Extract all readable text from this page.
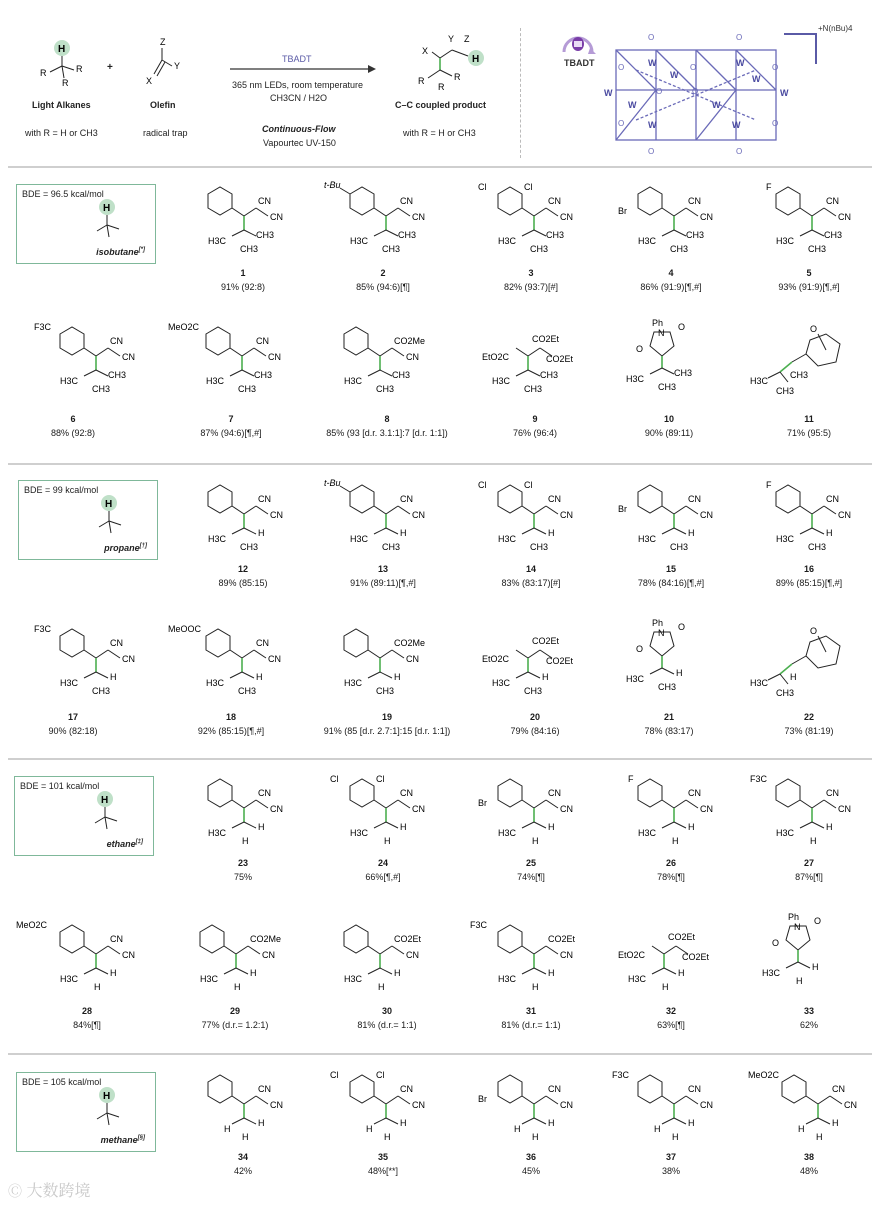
H
R	R
R
Light Alkanes
with R = H or CH3
+
Z
Y
X
Olefin
radical trap
TBADT
365 nm LEDs, room temperature
CH3CN / H2O
Continuous-Flow
Vapourtec UV-150
X
Y Z
H
R	R
R
C–C coupled product
with R = H or CH3
TBADT	W
W
W
W
W	W
W	W
W	W
O	O
O	O	O
O	O
O	O
O	O
+N(nBu)4
BDE = 96.5 kcal/mol
H
isobutane[*]
CN
CN
H3C
CH3
CH3
1
91% (92:8)
t-Bu
CN
CN
H3C
CH3
CH3
2
85% (94:6)[¶]
Cl	Cl
CN
CN
H3C
CH3
CH3
3
82% (93:7)[#]
Br
CN
CN
H3C
CH3
CH3
4
86% (91:9)[¶,#]
F
CN
CN
H3C
CH3
CH3
5
93% (91:9)[¶,#]
F3C
CN
CN
H3C
CH3
CH3
6
88% (92:8)
MeO2C
CN
CN
H3C
CH3
CH3
7
87% (94:6)[¶,#]
CO2Me
CN
H3C
CH3
CH3
8
85% (93 [d.r. 3.1:1]:7 [d.r. 1:1])
CO2Et
CO2Et
EtO2C
H3C
CH3
CH3
9
76% (96:4)
Ph
N
O
O
H3C
CH3
CH3
10
90% (89:11)
O
H3C
CH3
CH3
11
71% (95:5)
BDE = 99 kcal/mol
H
propane[†]
CN
CN
H3C
H
CH3
12
89% (85:15)
t-Bu
CN
CN
H3C
H
CH3
13
91% (89:11)[¶,#]
Cl	Cl
CN
CN
H3C
H
CH3
14
83% (83:17)[#]
Br
CN
CN
H3C
H
CH3
15
78% (84:16)[¶,#]
F
CN
CN
H3C
H
CH3
16
89% (85:15)[¶,#]
F3C
CN
CN
H3C
H
CH3
17
90% (82:18)
MeOOC
CN
CN
H3C
H
CH3
18
92% (85:15)[¶,#]
CO2Me
CN
H3C
H
CH3
19
91% (85 [d.r. 2.7:1]:15 [d.r. 1:1])
CO2Et
CO2Et
EtO2C
H3C
H
CH3
20
79% (84:16)
Ph
N
O
O
H3C
H
CH3
21
78% (83:17)
O
H3C
H
CH3
22
73% (81:19)
BDE = 101 kcal/mol
H
ethane[‡]
CN
CN
H3C
H
H
23
75%
Cl	Cl
CN
CN
H3C
H
H
24
66%[¶,#]
Br
CN
CN
H3C
H
H
25
74%[¶]
F
CN
CN
H3C
H
H
26
78%[¶]
F3C
CN
CN
H3C
H
H
27
87%[¶]
MeO2C
CN
CN
H3C
H
H
28
84%[¶]
CO2Me
CN
H3C
H
H
29
77% (d.r.= 1.2:1)
CO2Et
CN
H3C
H
H
30
81% (d.r.= 1:1)
F3C
CO2Et
CN
H3C
H
H
31
81% (d.r.= 1:1)
CO2Et
CO2Et
EtO2C
H3C
H
H
32
63%[¶]
Ph
N
O
O
H3C
H
H
33
62%
BDE = 105 kcal/mol
H
methane[§]
CN
CN
H
H
H
34
42%
Cl	Cl
CN
CN
H
H
H
35
48%[**]
Br
CN
CN
H
H
H
36
45%
F3C
CN
CN
H
H
H
37
38%
MeO2C
CN
CN
H
H
H
38
48%
Ⓒ 大数跨境
